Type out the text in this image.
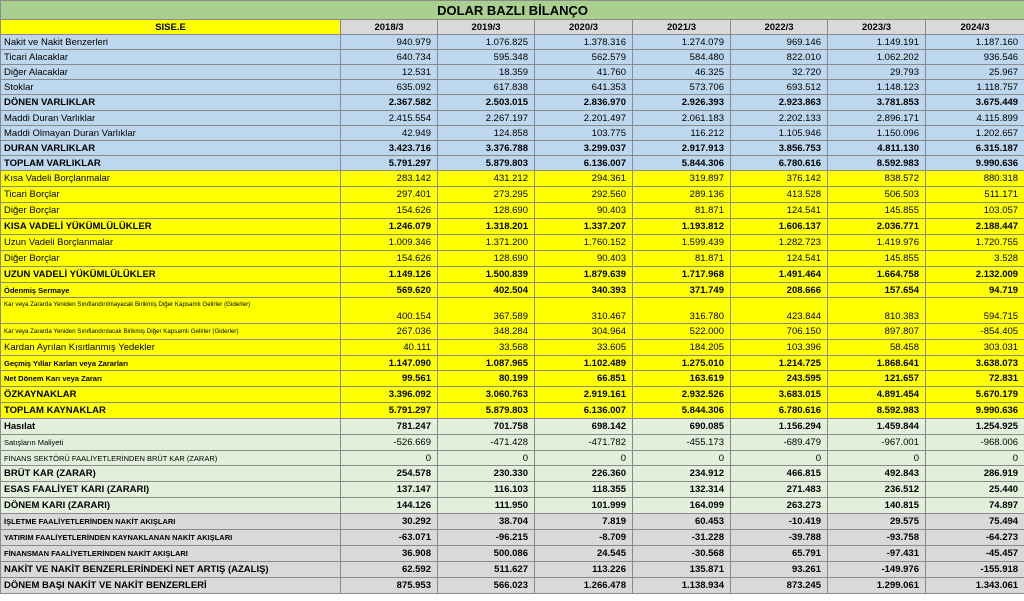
DOLAR BAZLI BİLANÇO							
SISE.E	2018/3	2019/3	2020/3	2021/3	2022/3	2023/3	2024/3
Nakit ve Nakit Benzerleri	940.979	1.076.825	1.378.316	1.274.079	969.146	1.149.191	1.187.160
Ticari Alacaklar	640.734	595.348	562.579	584.480	822.010	1.062.202	936.546
Diğer Alacaklar	12.531	18.359	41.760	46.325	32.720	29.793	25.967
Stoklar	635.092	617.838	641.353	573.706	693.512	1.148.123	1.118.757
DÖNEN VARLIKLAR	2.367.582	2.503.015	2.836.970	2.926.393	2.923.863	3.781.853	3.675.449
Maddi Duran Varlıklar	2.415.554	2.267.197	2.201.497	2.061.183	2.202.133	2.896.171	4.115.899
Maddi Olmayan Duran Varlıklar	42.949	124.858	103.775	116.212	1.105.946	1.150.096	1.202.657
DURAN VARLIKLAR	3.423.716	3.376.788	3.299.037	2.917.913	3.856.753	4.811.130	6.315.187
TOPLAM VARLIKLAR	5.791.297	5.879.803	6.136.007	5.844.306	6.780.616	8.592.983	9.990.636
Kısa Vadeli Borçlanmalar	283.142	431.212	294.361	319.897	376.142	838.572	880.318
Ticari Borçlar	297.401	273.295	292.560	289.136	413.528	506.503	511.171
Diğer Borçlar	154.626	128.690	90.403	81.871	124.541	145.855	103.057
KISA VADELİ YÜKÜMLÜLÜKLER	1.246.079	1.318.201	1.337.207	1.193.812	1.606.137	2.036.771	2.188.447
Uzun Vadeli Borçlanmalar	1.009.346	1.371.200	1.760.152	1.599.439	1.282.723	1.419.976	1.720.755
Diğer Borçlar	154.626	128.690	90.403	81.871	124.541	145.855	3.528
UZUN VADELİ YÜKÜMLÜLÜKLER	1.149.126	1.500.839	1.879.639	1.717.968	1.491.464	1.664.758	2.132.009
Ödenmiş Sermaye	569.620	402.504	340.393	371.749	208.666	157.654	94.719
Kar veya Zararda Yeniden Sınıflandırılmayacak Birikmiş Diğer Kapsamlı Gelirler (Giderler)	400.154	367.589	310.467	316.780	423.844	810.383	594.715
Kar veya Zararda Yeniden Sınıflandırılacak Birikmiş Diğer Kapsamlı Gelirler (Giderler)	267.036	348.284	304.964	522.000	706.150	897.807	-854.405
Kardan Ayrılan Kısıtlanmış Yedekler	40.111	33.568	33.605	184.205	103.396	58.458	303.031
Geçmiş Yıllar Karları veya Zararları	1.147.090	1.087.965	1.102.489	1.275.010	1.214.725	1.868.641	3.638.073
Net Dönem Karı veya Zararı	99.561	80.199	66.851	163.619	243.595	121.657	72.831
ÖZKAYNAKLAR	3.396.092	3.060.763	2.919.161	2.932.526	3.683.015	4.891.454	5.670.179
TOPLAM KAYNAKLAR	5.791.297	5.879.803	6.136.007	5.844.306	6.780.616	8.592.983	9.990.636
Hasılat	781.247	701.758	698.142	690.085	1.156.294	1.459.844	1.254.925
Satışların Maliyeti	-526.669	-471.428	-471.782	-455.173	-689.479	-967.001	-968.006
FİNANS SEKTÖRÜ FAALİYETLERİNDEN BRÜT KAR (ZARAR)	0	0	0	0	0	0	0
BRÜT KAR (ZARAR)	254.578	230.330	226.360	234.912	466.815	492.843	286.919
ESAS FAALİYET KARI (ZARARI)	137.147	116.103	118.355	132.314	271.483	236.512	25.440
DÖNEM KARI (ZARARI)	144.126	111.950	101.999	164.099	263.273	140.815	74.897
İŞLETME FAALİYETLERİNDEN NAKİT AKIŞLARI	30.292	38.704	7.819	60.453	-10.419	29.575	75.494
YATIRIM FAALİYETLERİNDEN KAYNAKLANAN NAKİT AKIŞLARI	-63.071	-96.215	-8.709	-31.228	-39.788	-93.758	-64.273
FİNANSMAN FAALİYETLERİNDEN NAKİT AKIŞLARI	36.908	500.086	24.545	-30.568	65.791	-97.431	-45.457
NAKİT VE NAKİT BENZERLERİNDEKİ NET ARTIŞ (AZALIŞ)	62.592	511.627	113.226	135.871	93.261	-149.976	-155.918
DÖNEM BAŞI NAKİT VE NAKİT BENZERLERİ	875.953	566.023	1.266.478	1.138.934	873.245	1.299.061	1.343.061
